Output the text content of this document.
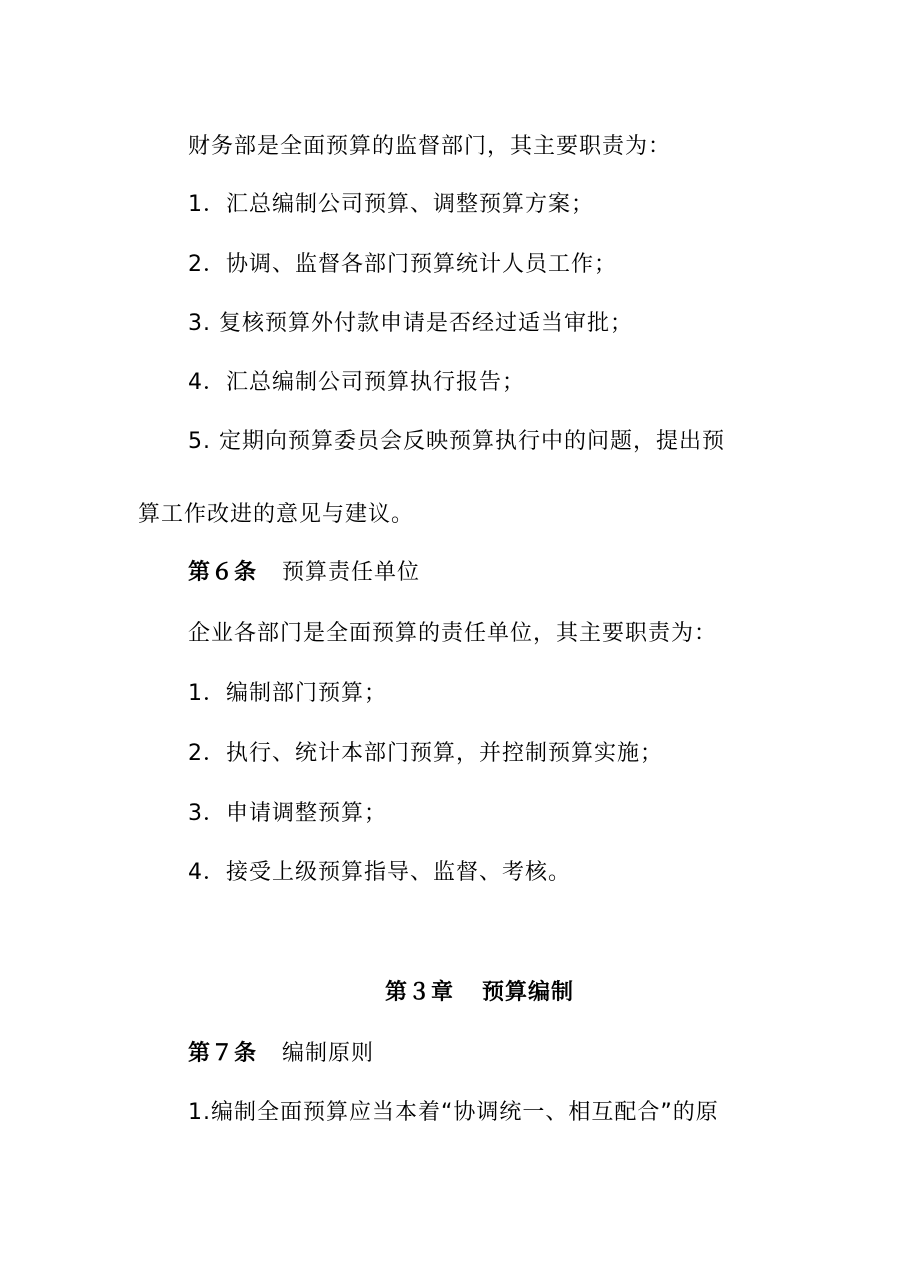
财务部是全面预算的监督部门，其主要职责为：
1．汇总编制公司预算、调整预算方案；
2．协调、监督各部门预算统计人员工作；
3. 复核预算外付款申请是否经过适当审批；
4．汇总编制公司预算执行报告；
5. 定期向预算委员会反映预算执行中的问题，提出预
算工作改进的意见与建议。
第６条 预算责任单位
企业各部门是全面预算的责任单位，其主要职责为：
1．编制部门预算；
2．执行、统计本部门预算，并控制预算实施；
3．申请调整预算；
4．接受上级预算指导、监督、考核。
第３章 预算编制
第７条 编制原则
1.编制全面预算应当本着“协调统一、相互配合”的原
